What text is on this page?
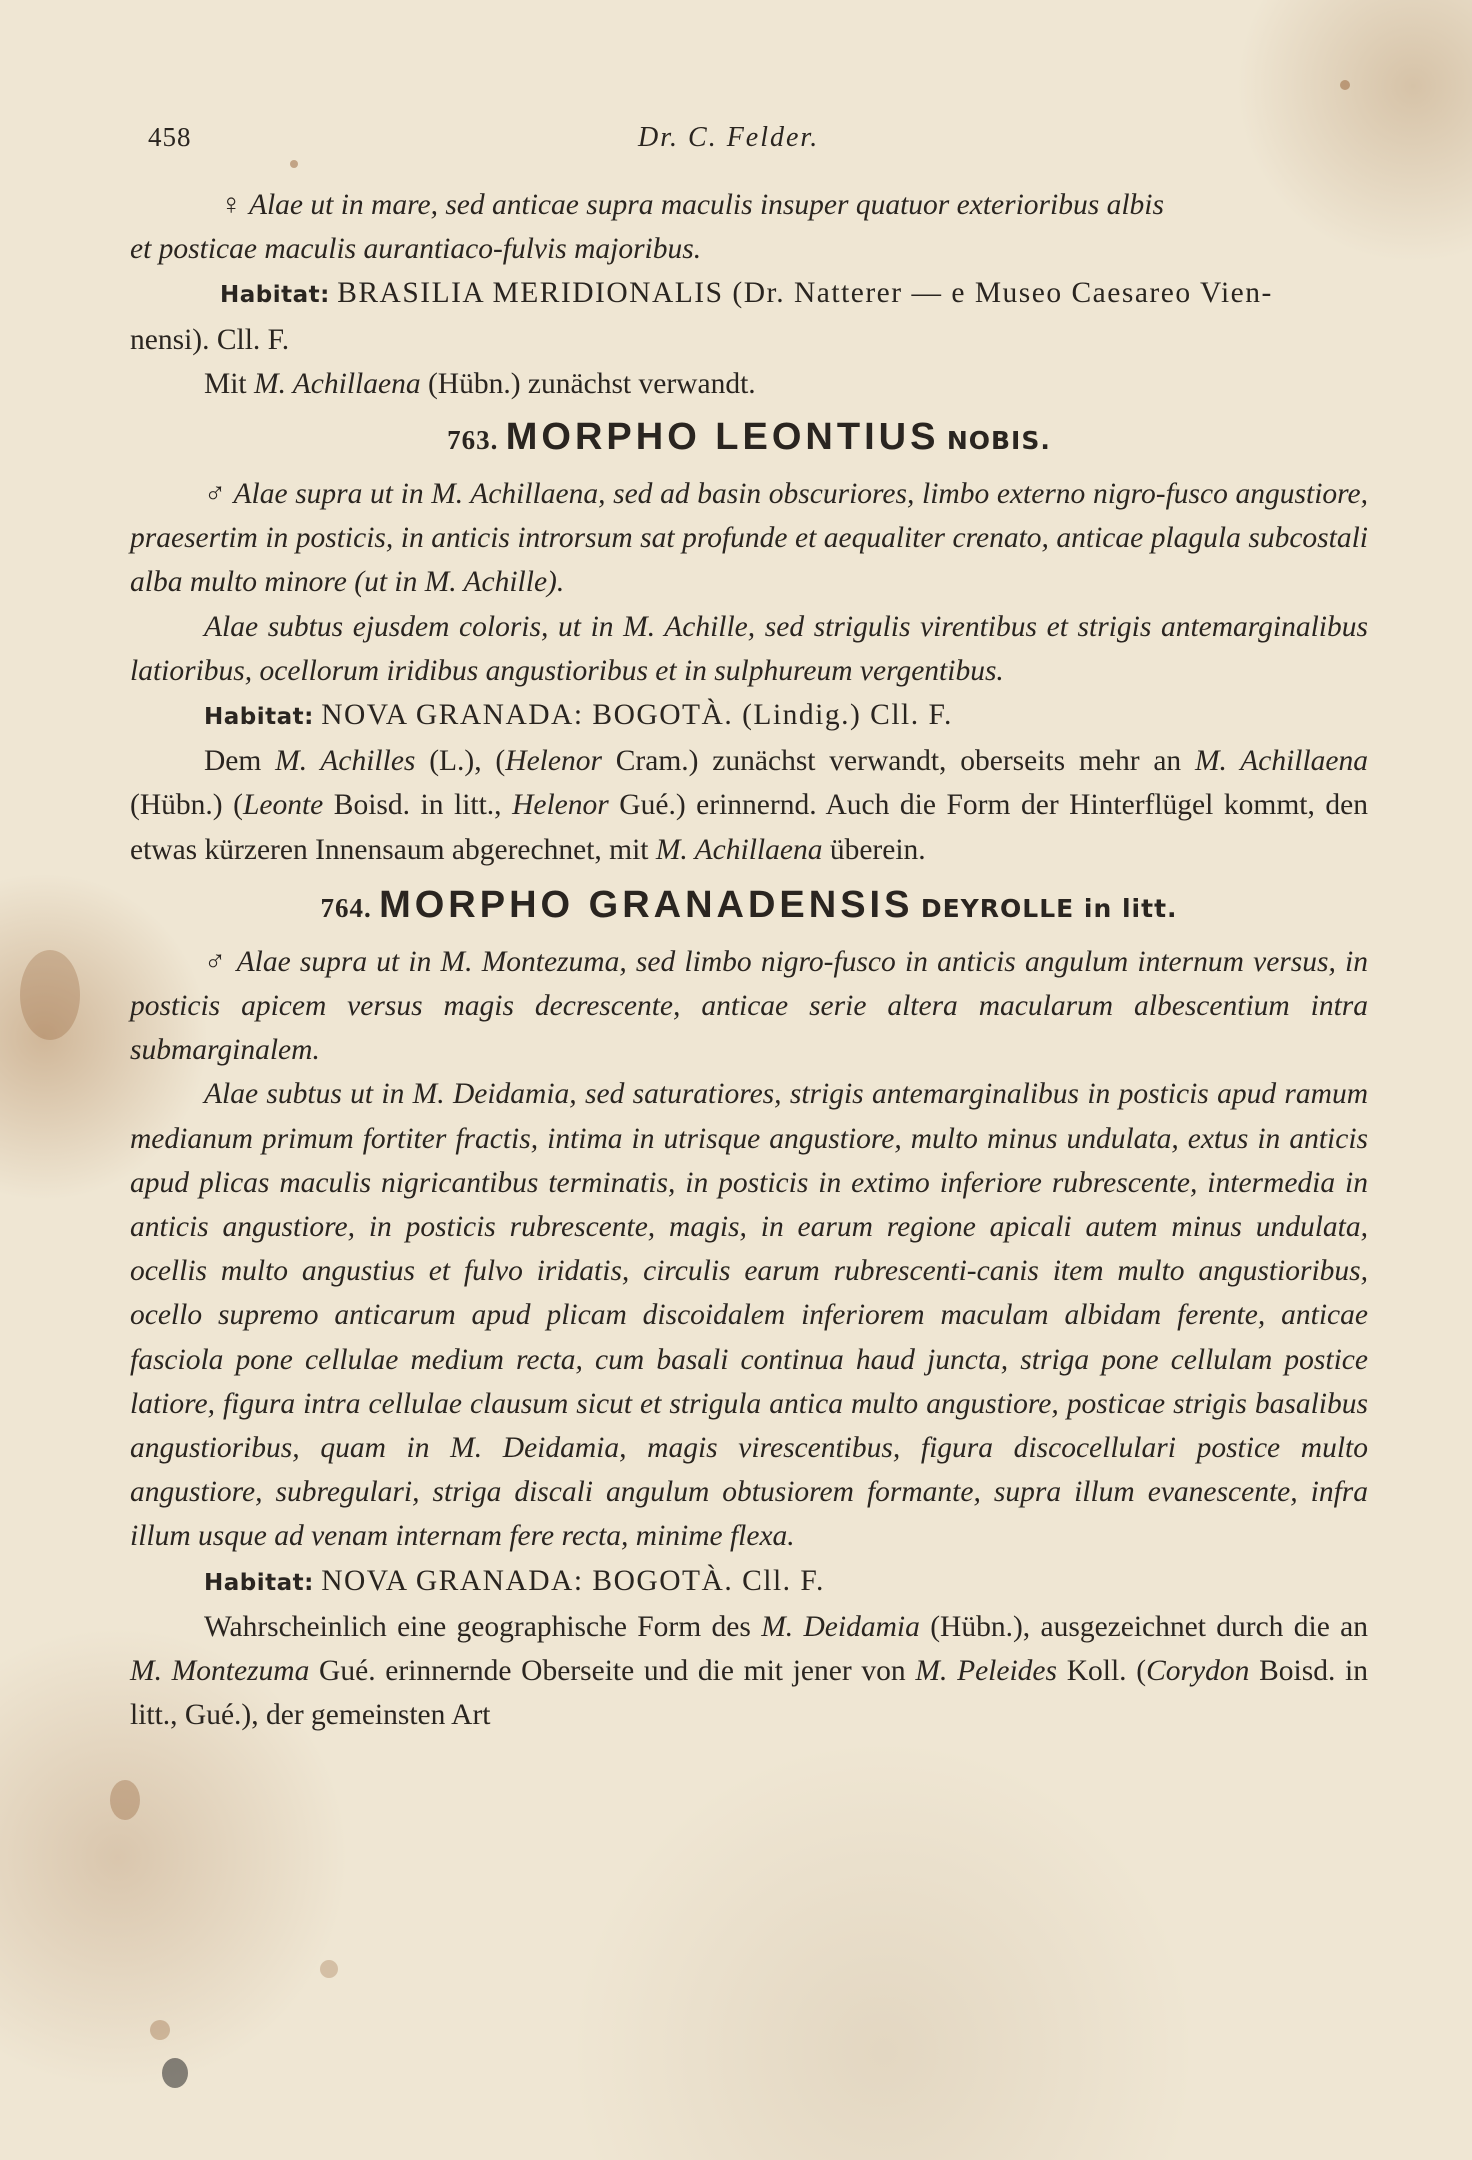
458	Dr. C. Felder.

♀ Alae ut in mare, sed anticae supra maculis insuper quatuor exterioribus albis
et posticae maculis aurantiaco-fulvis majoribus.

Habitat: BRASILIA MERIDIONALIS (Dr. Natterer — e Museo Caesareo Vien-
nensi). Cll. F.

Mit M. Achillaena (Hübn.) zunächst verwandt.

763. MORPHO LEONTIUS NOBIS.

♂ Alae supra ut in M. Achillaena, sed ad basin obscuriores, limbo externo nigro-fusco angustiore, praesertim in posticis, in anticis introrsum sat profunde et aequaliter crenato, anticae plagula subcostali alba multo minore (ut in M. Achille).

Alae subtus ejusdem coloris, ut in M. Achille, sed strigulis virentibus et strigis antemarginalibus latioribus, ocellorum iridibus angustioribus et in sulphureum vergentibus.

Habitat: NOVA GRANADA: BOGOTÀ. (Lindig.) Cll. F.

Dem M. Achilles (L.), (Helenor Cram.) zunächst verwandt, oberseits mehr an M. Achillaena (Hübn.) (Leonte Boisd. in litt., Helenor Gué.) erinnernd. Auch die Form der Hinterflügel kommt, den etwas kürzeren Innensaum abgerechnet, mit M. Achillaena überein.

764. MORPHO GRANADENSIS DEYROLLE in litt.

♂ Alae supra ut in M. Montezuma, sed limbo nigro-fusco in anticis angulum internum versus, in posticis apicem versus magis decrescente, anticae serie altera macularum albescentium intra submarginalem.

Alae subtus ut in M. Deidamia, sed saturatiores, strigis antemarginalibus in posticis apud ramum medianum primum fortiter fractis, intima in utrisque angustiore, multo minus undulata, extus in anticis apud plicas maculis nigricantibus terminatis, in posticis in extimo inferiore rubrescente, intermedia in anticis angustiore, in posticis rubrescente, magis, in earum regione apicali autem minus undulata, ocellis multo angustius et fulvo iridatis, circulis earum rubrescenti-canis item multo angustioribus, ocello supremo anticarum apud plicam discoidalem inferiorem maculam albidam ferente, anticae fasciola pone cellulae medium recta, cum basali continua haud juncta, striga pone cellulam postice latiore, figura intra cellulae clausum sicut et strigula antica multo angustiore, posticae strigis basalibus angustioribus, quam in M. Deidamia, magis virescentibus, figura discocellulari postice multo angustiore, subregulari, striga discali angulum obtusiorem formante, supra illum evanescente, infra illum usque ad venam internam fere recta, minime flexa.

Habitat: NOVA GRANADA: BOGOTÀ. Cll. F.

Wahrscheinlich eine geographische Form des M. Deidamia (Hübn.), ausgezeichnet durch die an M. Montezuma Gué. erinnernde Oberseite und die mit jener von M. Peleides Koll. (Corydon Boisd. in litt., Gué.), der gemeinsten Art
